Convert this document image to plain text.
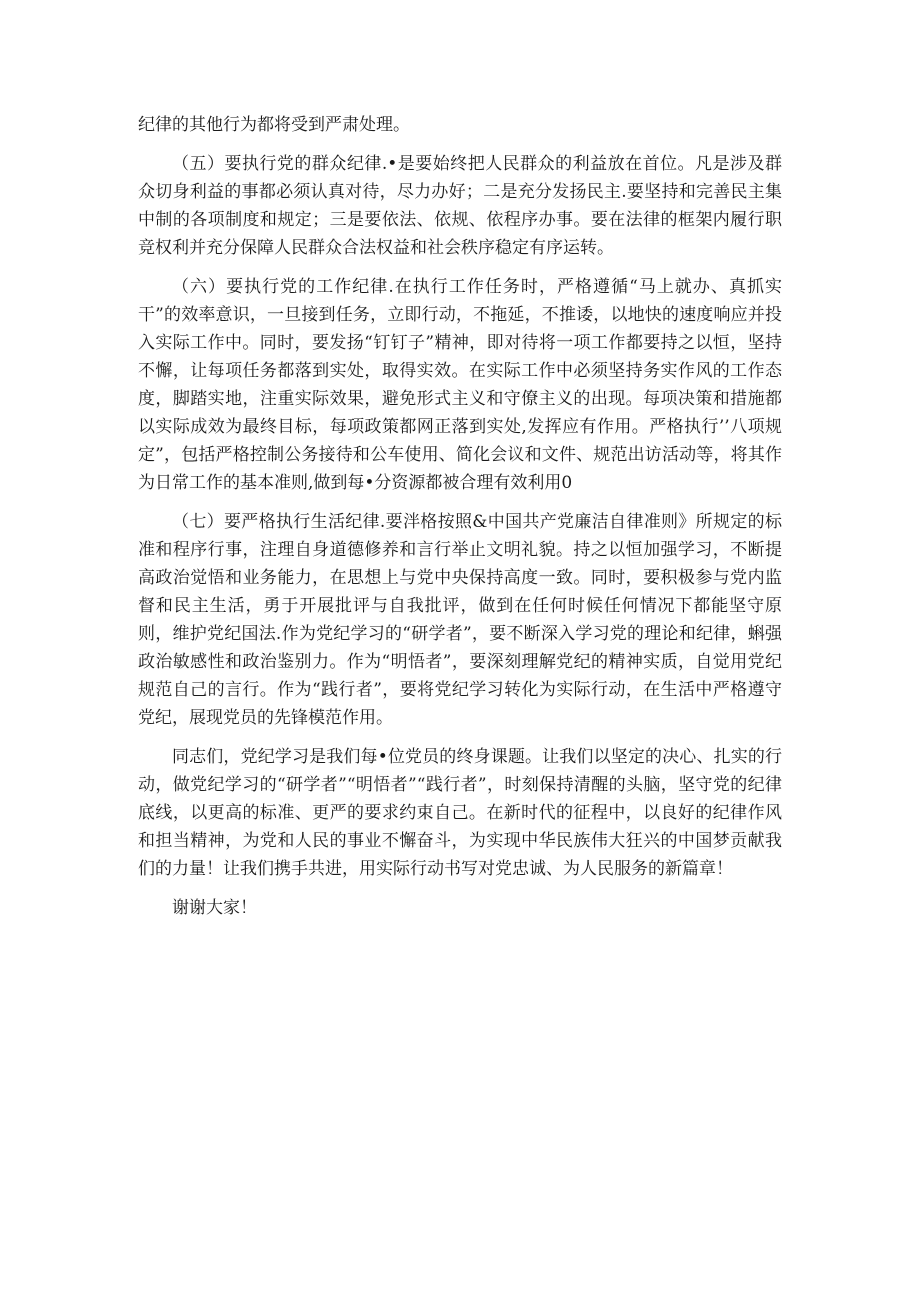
纪律的其他行为都将受到严肃处理。

（五）要执行党的群众纪律.•是要始终把人民群众的利益放在首位。凡是涉及群众切身利益的事都必须认真对待，尽力办好；二是充分发扬民主.要坚持和完善民主集中制的各项制度和规定；三是要依法、依规、依程序办事。要在法律的框架内履行职竞权利并充分保障人民群众合法权益和社会秩序稳定有序运转。

（六）要执行党的工作纪律.在执行工作任务时，严格遵循“马上就办、真抓实干”的效率意识，一旦接到任务，立即行动，不拖延，不推诿，以地快的速度响应并投入实际工作中。同时，要发扬“钉钉子”精神，即对待将一项工作都要持之以恒，坚持不懈，让每项任务都落到实处，取得实效。在实际工作中必须坚持务实作风的工作态度，脚踏实地，注重实际效果，避免形式主义和守僚主义的出现。每项决策和措施都以实际成效为最终目标，每项政策都网正落到实处,发挥应有作用。严格执行’’八项规定”，包括严格控制公务接待和公车使用、简化会议和文件、规范出访活动等，将其作为日常工作的基本准则,做到每•分资源都被合理有效利用0

（七）要严格执行生活纪律.要泮格按照&中国共产党廉洁自律准则》所规定的标准和程序行事，注理自身道德修养和言行举止文明礼貌。持之以恒加强学习，不断提高政治觉悟和业务能力，在思想上与党中央保持高度一致。同时，要积极参与党内监督和民主生活，勇于开展批评与自我批评，做到在任何时候任何情况下都能坚守原则，维护党纪国法.作为党纪学习的“研学者”，要不断深入学习党的理论和纪律，蝌强政治敏感性和政治鉴别力。作为“明悟者”，要深刻理解党纪的精神实质，自觉用党纪规范自己的言行。作为“践行者”，要将党纪学习转化为实际行动，在生活中严格遵守党纪，展现党员的先锋模范作用。

同志们，党纪学习是我们每•位党员的终身课题。让我们以坚定的决心、扎实的行动，做党纪学习的“研学者”“明悟者”“践行者”，时刻保持清醒的头脑，坚守党的纪律底线，以更高的标准、更严的要求约束自己。在新时代的征程中，以良好的纪律作风和担当精神，为党和人民的事业不懈奋斗，为实现中华民族伟大狂兴的中国梦贡献我们的力量！让我们携手共进，用实际行动书写对党忠诚、为人民服务的新篇章！

谢谢大家！
